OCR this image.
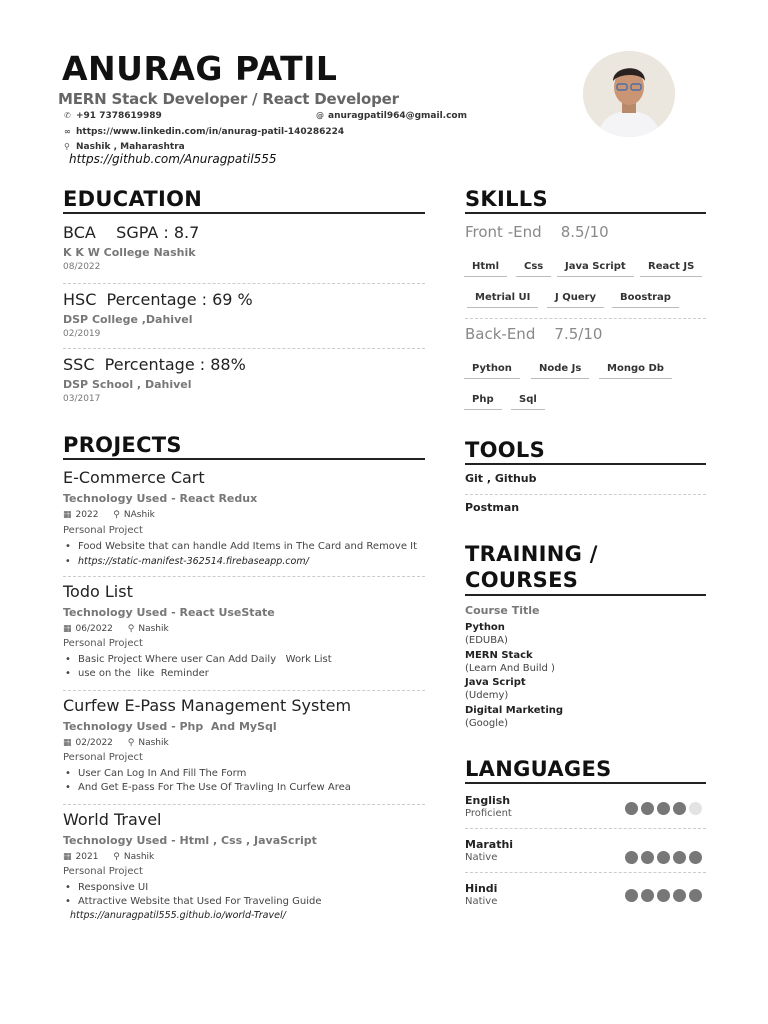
ANURAG PATIL
MERN Stack Developer / React Developer
✆ +91 7378619989	@ anuragpatil964@gmail.com
∞ https://www.linkedin.com/in/anurag-patil-140286224
⚲ Nashik , Maharashtra
https://github.com/Anuragpatil555
EDUCATION
BCA    SGPA : 8.7
K K W College Nashik
08/2022
HSC  Percentage : 69 %
DSP College ,Dahivel
02/2019
SSC  Percentage : 88%
DSP School , Dahivel
03/2017
PROJECTS
E-Commerce Cart
Technology Used - React Redux
▦ 2022 ⚲ NAshik
Personal Project
• Food Website that can handle Add Items in The Card and Remove It
• https://static-manifest-362514.firebaseapp.com/
Todo List
Technology Used - React UseState
▦ 06/2022 ⚲ Nashik
Personal Project
• Basic Project Where user Can Add Daily   Work List
• use on the  like  Reminder
Curfew E-Pass Management System
Technology Used - Php  And MySql
▦ 02/2022 ⚲ Nashik
Personal Project
• User Can Log In And Fill The Form
• And Get E-pass For The Use Of Travling In Curfew Area
World Travel
Technology Used - Html , Css , JavaScript
▦ 2021 ⚲ Nashik
Personal Project
• Responsive UI
• Attractive Website that Used For Traveling Guide
https://anuragpatil555.github.io/world-Travel/
SKILLS
Front -End    8.5/10
Html	Css	Java Script	React JS
Metrial UI	J Query	Boostrap
Back-End    7.5/10
Python	Node Js	Mongo Db
Php	Sql
TOOLS
Git , Github
Postman
TRAINING /
COURSES
Course Title
Python
(EDUBA)
MERN Stack
(Learn And Build )
Java Script
(Udemy)
Digital Marketing
(Google)
LANGUAGES
English
Proficient
Marathi
Native
Hindi
Native
